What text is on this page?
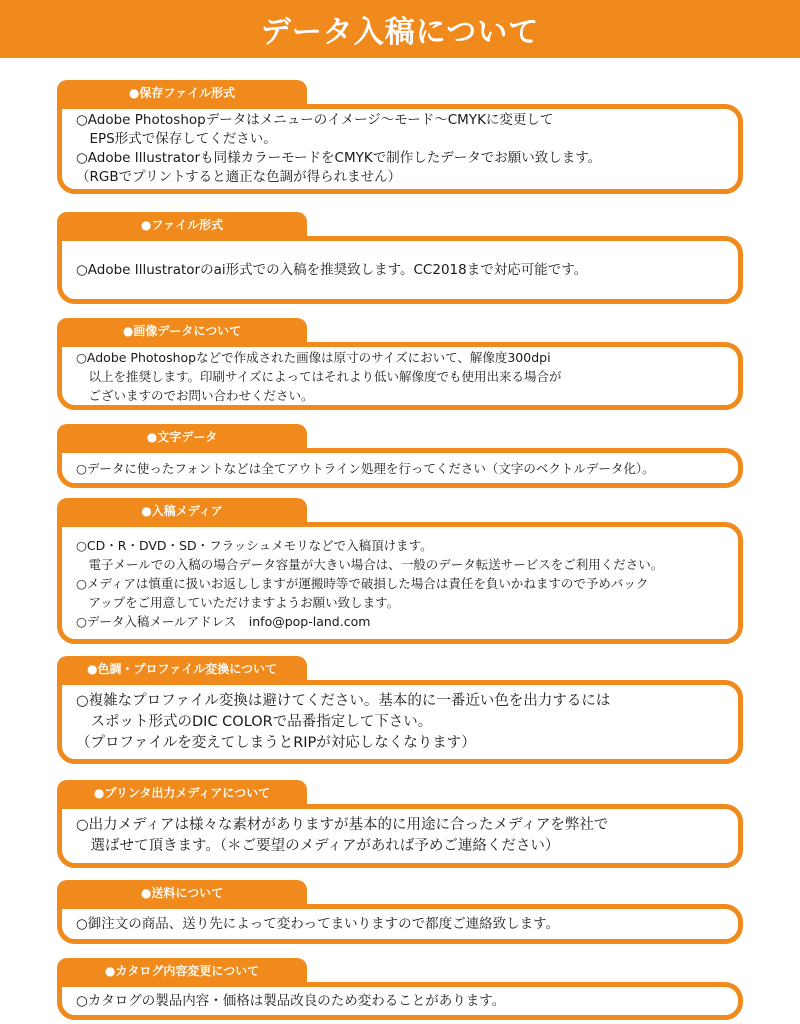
データ入稿について
●保存ファイル形式
○Adobe Photoshopデータはメニューのイメージ〜モード〜CMYKに変更して
　EPS形式で保存してください。
○Adobe Illustratorも同様カラーモードをCMYKで制作したデータでお願い致します。
（RGBでプリントすると適正な色調が得られません）
●ファイル形式
○Adobe Illustratorのai形式での入稿を推奨致します。CC2018まで対応可能です。
●画像データについて
○Adobe Photoshopなどで作成された画像は原寸のサイズにおいて、解像度300dpi
　以上を推奨します。印刷サイズによってはそれより低い解像度でも使用出来る場合が
　ございますのでお問い合わせください。
●文字データ
○データに使ったフォントなどは全てアウトライン処理を行ってください（文字のベクトルデータ化）。
●入稿メディア
○CD・R・DVD・SD・フラッシュメモリなどで入稿頂けます。
　電子メールでの入稿の場合データ容量が大きい場合は、一般のデータ転送サービスをご利用ください。
○メディアは慎重に扱いお返ししますが運搬時等で破損した場合は責任を負いかねますので予めバック
　アップをご用意していただけますようお願い致します。
○データ入稿メールアドレス　info@pop-land.com
●色調・プロファイル変換について
○複雑なプロファイル変換は避けてください。基本的に一番近い色を出力するには
　スポット形式のDIC COLORで品番指定して下さい。
（プロファイルを変えてしまうとRIPが対応しなくなります）
●プリンタ出力メディアについて
○出力メディアは様々な素材がありますが基本的に用途に合ったメディアを弊社で
　選ばせて頂きます。（＊ご要望のメディアがあれば予めご連絡ください）
●送料について
○御注文の商品、送り先によって変わってまいりますので都度ご連絡致します。
●カタログ内容変更について
○カタログの製品内容・価格は製品改良のため変わることがあります。
